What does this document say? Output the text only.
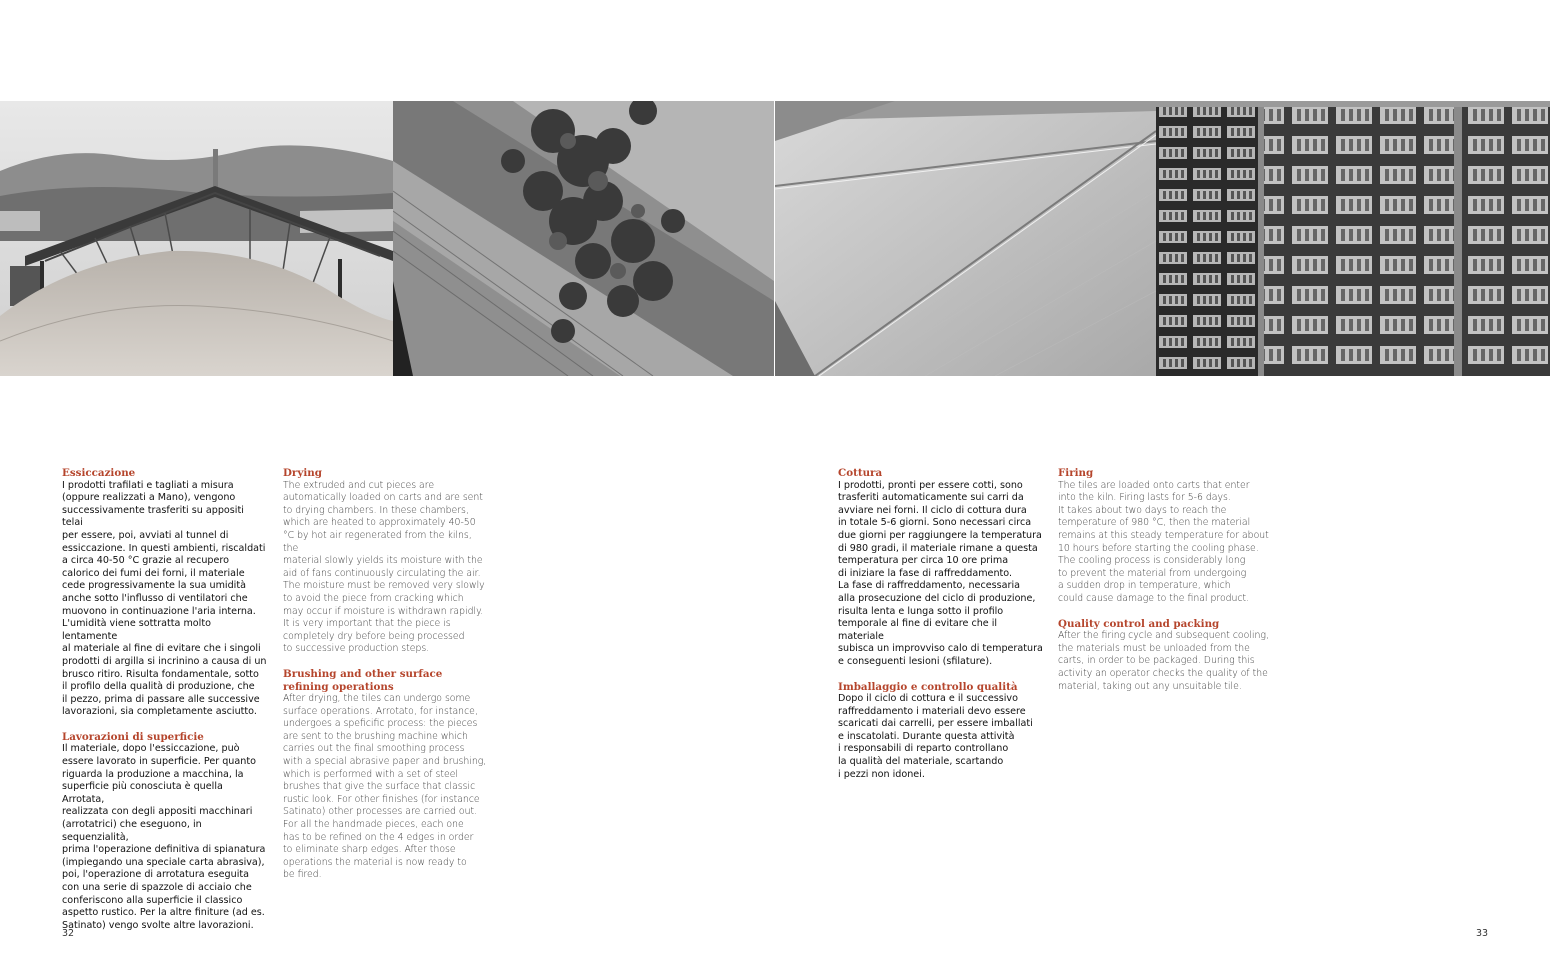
Essiccazione

I prodotti trafilati e tagliati a misura
(oppure realizzati a Mano), vengono
successivamente trasferiti su appositi telai
per essere, poi, avviati al tunnel di
essiccazione. In questi ambienti, riscaldati
a circa 40-50 °C grazie al recupero
calorico dei fumi dei forni, il materiale
cede progressivamente la sua umidità
anche sotto l'influsso di ventilatori che
muovono in continuazione l'aria interna.
L'umidità viene sottratta molto lentamente
al materiale al fine di evitare che i singoli
prodotti di argilla si incrinino a causa di un
brusco ritiro. Risulta fondamentale, sotto
il profilo della qualità di produzione, che
il pezzo, prima di passare alle successive
lavorazioni, sia completamente asciutto.

Lavorazioni di superficie

Il materiale, dopo l'essiccazione, può
essere lavorato in superficie. Per quanto
riguarda la produzione a macchina, la
superficie più conosciuta è quella Arrotata,
realizzata con degli appositi macchinari
(arrotatrici) che eseguono, in sequenzialità,
prima l'operazione definitiva di spianatura
(impiegando una speciale carta abrasiva),
poi, l'operazione di arrotatura eseguita
con una serie di spazzole di acciaio che
conferiscono alla superficie il classico
aspetto rustico. Per la altre finiture (ad es.
Satinato) vengo svolte altre lavorazioni.

Drying

The extruded and cut pieces are
automatically loaded on carts and are sent
to drying chambers. In these chambers,
which are heated to approximately 40-50
°C by hot air regenerated from the kilns, the
material slowly yields its moisture with the
aid of fans continuously circulating the air.
The moisture must be removed very slowly
to avoid the piece from cracking which
may occur if moisture is withdrawn rapidly.
It is very important that the piece is
completely dry before being processed
to successive production steps.

Brushing and other surface
refining operations

After drying, the tiles can undergo some
surface operations. Arrotato, for instance,
undergoes a speficific process: the pieces
are sent to the brushing machine which
carries out the final smoothing process
with a special abrasive paper and brushing,
which is performed with a set of steel
brushes that give the surface that classic
rustic look. For other finishes (for instance
Satinato) other processes are carried out.
For all the handmade pieces, each one
has to be refined on the 4 edges in order
to eliminate sharp edges. After those
operations the material is now ready to
be fired.

Cottura

I prodotti, pronti per essere cotti, sono
trasferiti automaticamente sui carri da
avviare nei forni. Il ciclo di cottura dura
in totale 5-6 giorni. Sono necessari circa
due giorni per raggiungere la temperatura
di 980 gradi, il materiale rimane a questa
temperatura per circa 10 ore prima
di iniziare la fase di raffreddamento.
La fase di raffreddamento, necessaria
alla prosecuzione del ciclo di produzione,
risulta lenta e lunga sotto il profilo
temporale al fine di evitare che il materiale
subisca un improvviso calo di temperatura
e conseguenti lesioni (sfilature).

Imballaggio e controllo qualità

Dopo il ciclo di cottura e il successivo
raffreddamento i materiali devo essere
scaricati dai carrelli, per essere imballati
e inscatolati. Durante questa attività
i responsabili di reparto controllano
la qualità del materiale, scartando
i pezzi non idonei.

Firing

The tiles are loaded onto carts that enter
into the kiln. Firing lasts for 5-6 days.
It takes about two days to reach the
temperature of 980 °C, then the material
remains at this steady temperature for about
10 hours before starting the cooling phase.
The cooling process is considerably long
to prevent the material from undergoing
a sudden drop in temperature, which
could cause damage to the final product.

Quality control and packing

After the firing cycle and subsequent cooling,
the materials must be unloaded from the
carts, in order to be packaged. During this
activity an operator checks the quality of the
material, taking out any unsuitable tile.

32	33
